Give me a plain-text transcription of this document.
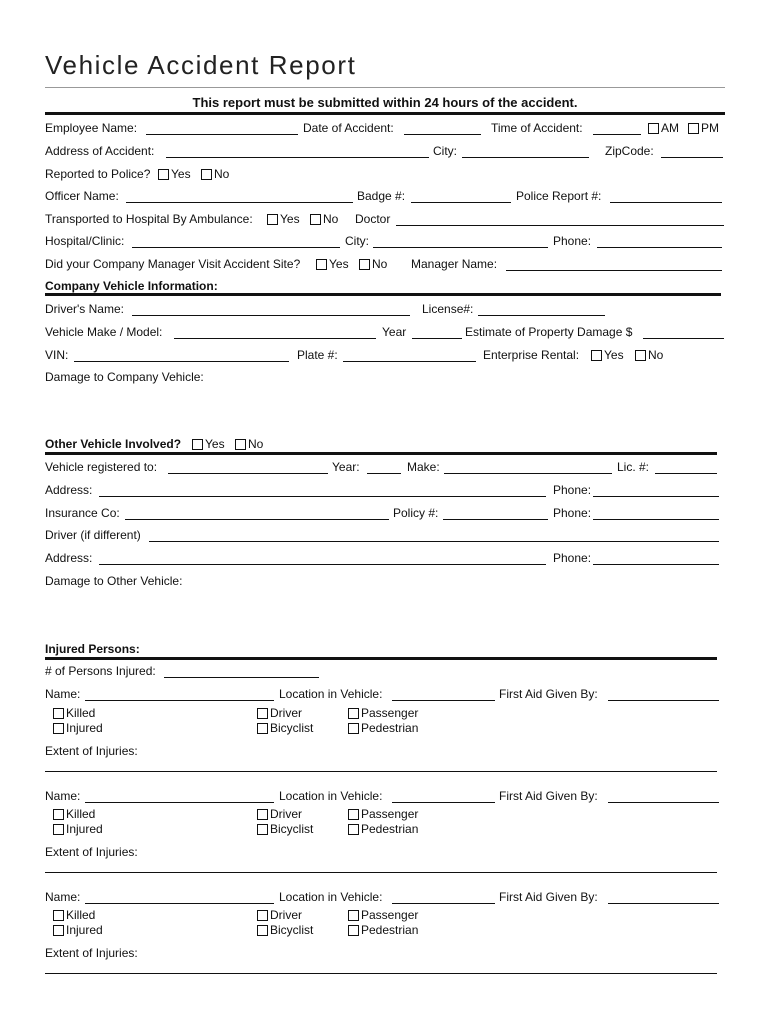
Vehicle Accident Report
This report must be submitted within 24 hours of the accident.
Employee Name:	Date of Accident:	Time of Accident:	AM	PM
Address of Accident:	City:	ZipCode:
Reported to Police?	Yes	No
Officer Name:	Badge #:	Police Report #:
Transported to Hospital By Ambulance:	Yes	No Doctor
Hospital/Clinic:	City:	Phone:
Did your Company Manager Visit Accident Site?	Yes	No Manager Name:
Company Vehicle Information:
Driver's Name:	License#:
Vehicle Make / Model:	Year	Estimate of Property Damage $
VIN:	Plate #:	Enterprise Rental:	Yes	No
Damage to Company Vehicle:
Other Vehicle Involved?	Yes	No
Vehicle registered to:	Year:	Make:	Lic. #:
Address:	Phone:
Insurance Co:	Policy #:	Phone:
Driver (if different)
Address:	Phone:
Damage to Other Vehicle:
Injured Persons:
# of Persons Injured:
Name:	Location in Vehicle:	First Aid Given By:
Killed	Driver	Passenger
Injured	Bicyclist	Pedestrian
Extent of Injuries:
Name:	Location in Vehicle:	First Aid Given By:
Killed	Driver	Passenger
Injured	Bicyclist	Pedestrian
Extent of Injuries:
Name:	Location in Vehicle:	First Aid Given By:
Killed	Driver	Passenger
Injured	Bicyclist	Pedestrian
Extent of Injuries:
